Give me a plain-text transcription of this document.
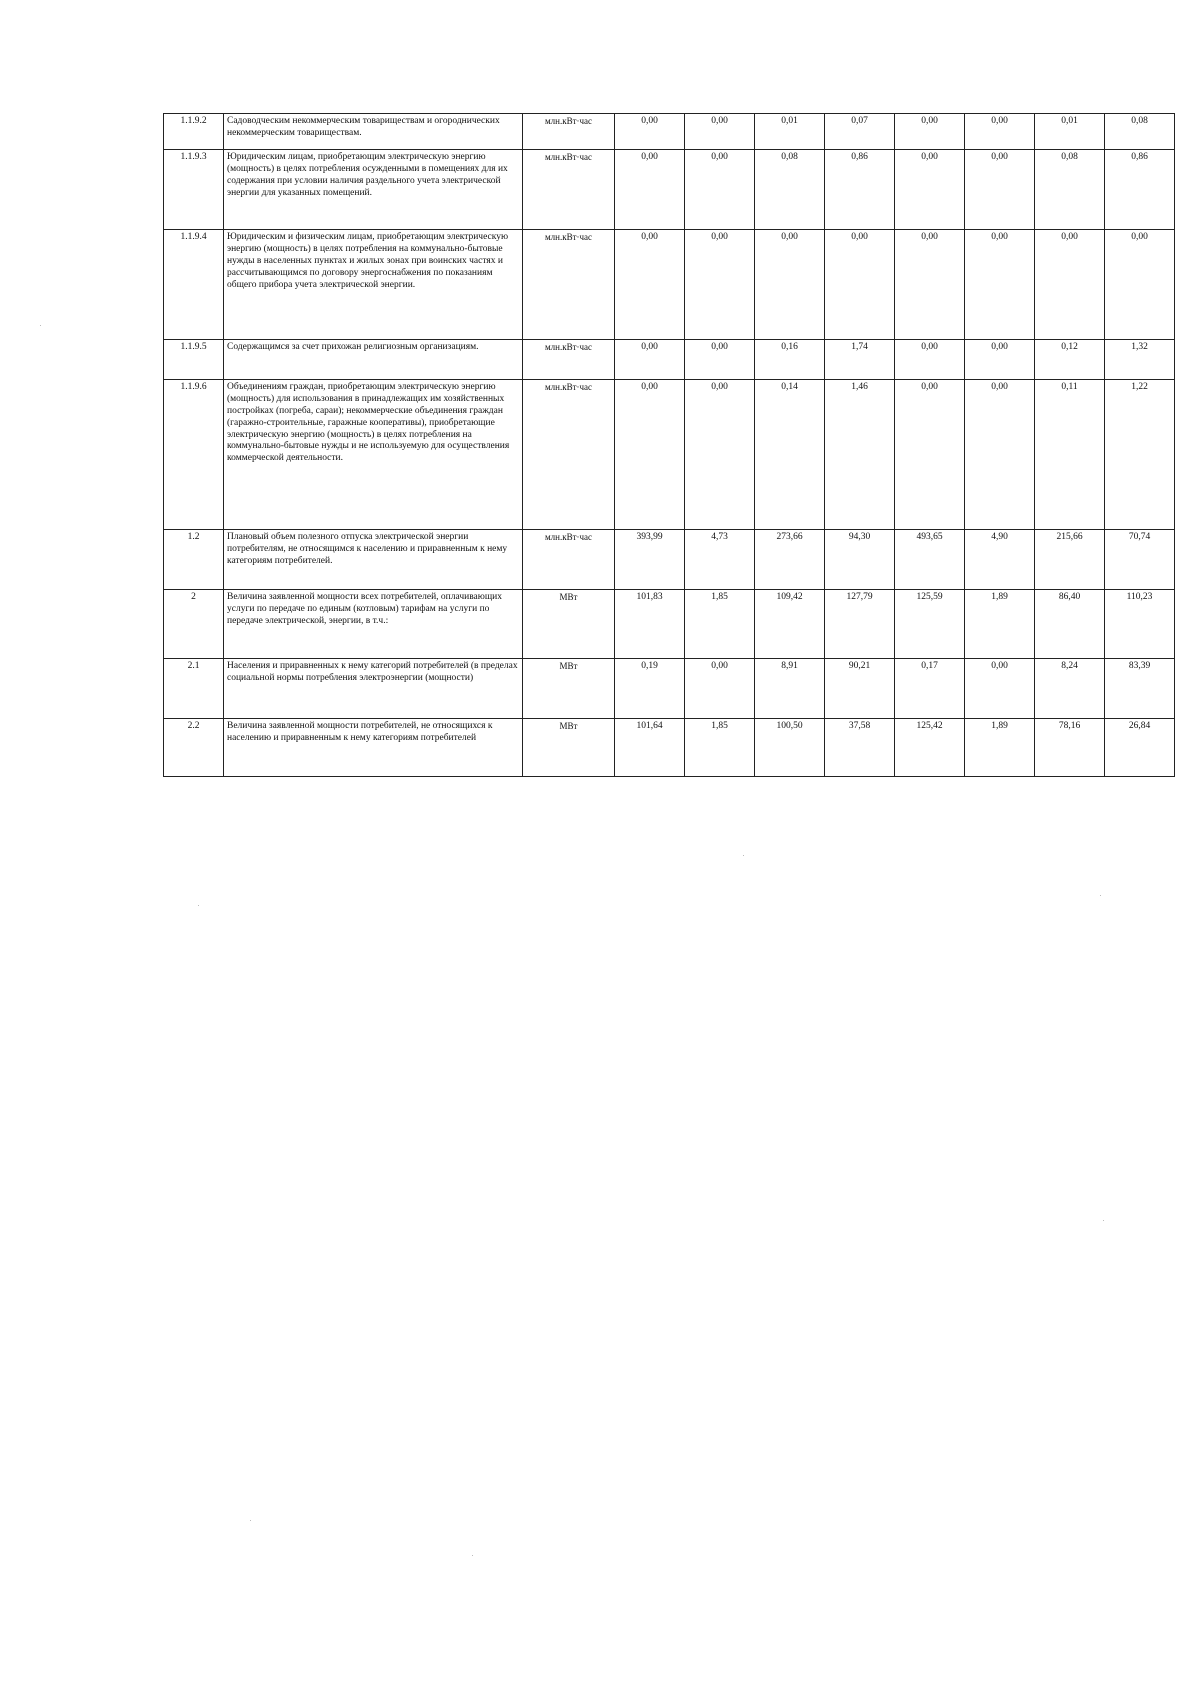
1.1.9.2	Садоводческим некоммерческим товариществам и огороднических некоммерческим товариществам.	млн.кВт·час	0,00	0,00	0,01	0,07	0,00	0,00	0,01	0,08
1.1.9.3	Юридическим лицам, приобретающим электрическую энергию (мощность) в целях потребления осужденными в помещениях для их содержания при условии наличия раздельного учета электрической энергии для указанных помещений.	млн.кВт·час	0,00	0,00	0,08	0,86	0,00	0,00	0,08	0,86
1.1.9.4	Юридическим и физическим лицам, приобретающим электрическую энергию (мощность) в целях потребления на коммунально-бытовые нужды в населенных пунктах и жилых зонах при воинских частях и рассчитывающимся по договору энергоснабжения по показаниям общего прибора учета электрической энергии.	млн.кВт·час	0,00	0,00	0,00	0,00	0,00	0,00	0,00	0,00
1.1.9.5	Содержащимся за счет прихожан религиозным организациям.	млн.кВт·час	0,00	0,00	0,16	1,74	0,00	0,00	0,12	1,32
1.1.9.6	Объединениям граждан, приобретающим электрическую энергию (мощность) для использования в принадлежащих им хозяйственных постройках (погреба, сараи); некоммерческие объединения граждан (гаражно-строительные, гаражные кооперативы), приобретающие электрическую энергию (мощность) в целях потребления на коммунально-бытовые нужды и не используемую для осуществления коммерческой деятельности.	млн.кВт·час	0,00	0,00	0,14	1,46	0,00	0,00	0,11	1,22
1.2	Плановый объем полезного отпуска электрической энергии потребителям, не относящимся к населению и приравненным к нему категориям потребителей.	млн.кВт·час	393,99	4,73	273,66	94,30	493,65	4,90	215,66	70,74
2	Величина заявленной мощности всех потребителей, оплачивающих услуги по передаче по единым (котловым) тарифам на услуги по передаче электрической, энергии, в т.ч.:	МВт	101,83	1,85	109,42	127,79	125,59	1,89	86,40	110,23
2.1	Населения и приравненных к нему категорий потребителей (в пределах социальной нормы потребления электроэнергии (мощности)	МВт	0,19	0,00	8,91	90,21	0,17	0,00	8,24	83,39
2.2	Величина заявленной мощности потребителей, не относящихся к населению и приравненным к нему категориям потребителей	МВт	101,64	1,85	100,50	37,58	125,42	1,89	78,16	26,84
